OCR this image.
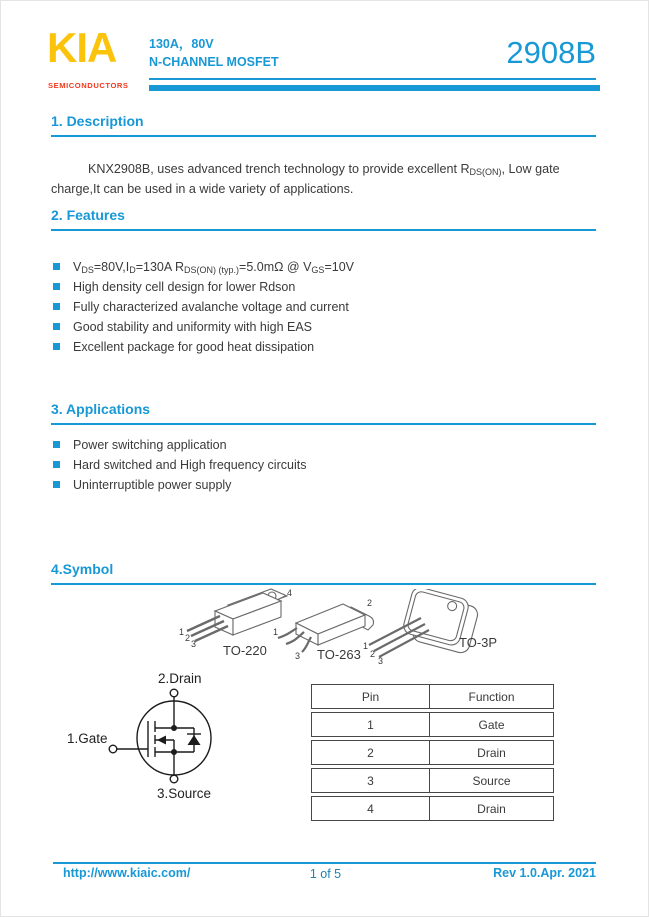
KIA
SEMICONDUCTORS
130A，80V
N-CHANNEL MOSFET	2908B
1. Description
KNX2908B, uses advanced trench technology to provide excellent $R_{DS(ON)}$, Low gate charge,It can be used in a wide variety of applications.
2. Features
$V_{DS}=80V,I_D=130A$ $R_{DS(ON) (typ.)}=5.0m\Omega$ @ $V_{GS}=10V$
High density cell design for lower Rdson
Fully characterized avalanche voltage and current
Good stability and uniformity with high EAS
Excellent package for good heat dissipation
3. Applications
Power switching application
Hard switched and High frequency circuits
Uninterruptible power supply
4.Symbol
1
2
3
4
TO-220
1
3
2
TO-263
1
2
3
TO-3P
2.Drain
1.Gate
3.Source
Pin	Function
1	Gate
2	Drain
3	Source
4	Drain
http://www.kiaic.com/	1 of 5	Rev 1.0.Apr. 2021
